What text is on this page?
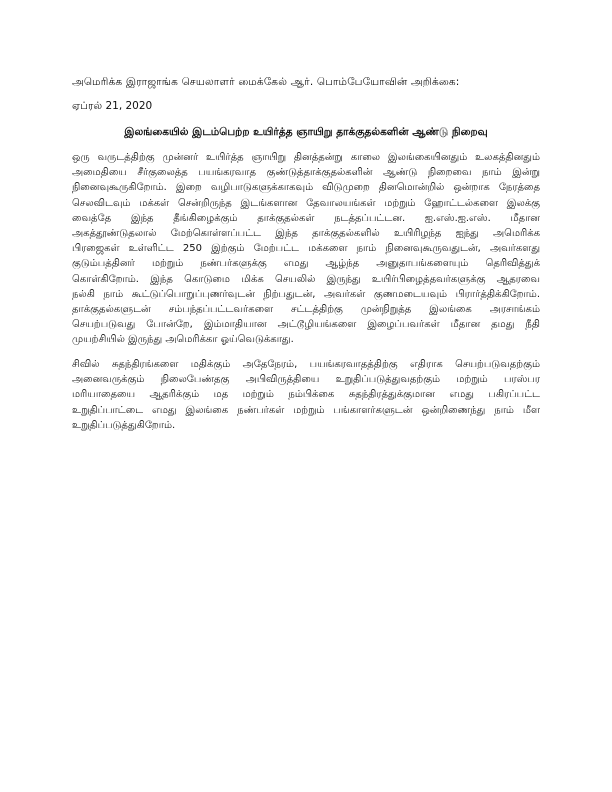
அமெரிக்க இராஜாங்க செயலாளர் மைக்கேல் ஆர். பொம்பேயோவின் அறிக்கை:
ஏப்ரல் 21, 2020
இலங்கையில் இடம்பெற்ற உயிர்த்த ஞாயிறு தாக்குதல்களின் ஆண்டு நிறைவு
ஒரு வருடத்திற்கு முன்னர் உயிர்த்த ஞாயிறு தினத்தன்று காலை இலங்கையினதும் உலகத்தினதும்
அமைதியை சீர்குலைத்த பயங்கரவாத குண்டுத்தாக்குதல்களின் ஆண்டு நிறைவை நாம் இன்று
நினைவுகூருகிறோம். இறை வழிபாடுகளுக்காகவும் விடுமுறை தினமொன்றில் ஒன்றாக நேரத்தை
செலவிடவும் மக்கள் சென்றிருந்த இடங்களான தேவாலயங்கள் மற்றும் ஹோட்டல்களை இலக்கு
வைத்தே இந்த தீங்கிழைக்கும் தாக்குதல்கள் நடத்தப்பட்டன. ஐ.எஸ்.ஐ.எஸ். மீதான
அகத்தூண்டுதலால் மேற்கொள்ளப்பட்ட இந்த தாக்குதல்களில் உயிரிழந்த ஐந்து அமெரிக்க
பிரஜைகள் உள்ளிட்ட 250 இற்கும் மேற்பட்ட மக்களை நாம் நினைவுகூருவதுடன், அவர்களது
குடும்பத்தினர் மற்றும் நண்பர்களுக்கு எமது ஆழ்ந்த அனுதாபங்களையும் தெரிவித்துக்
கொள்கிறோம். இந்த கொடுமை மிக்க செயலில் இருந்து உயிர்பிழைத்தவர்களுக்கு ஆதரவை
நல்கி நாம் கூட்டுப்பொறுப்புணர்வுடன் நிற்பதுடன், அவர்கள் குணமடையவும் பிரார்த்திக்கிறோம்.
தாக்குதல்களுடன் சம்பந்தப்பட்டவர்களை சட்டத்திற்கு முன்நிறுத்த இலங்கை அரசாங்கம்
செயற்படுவது போன்றே, இம்மாதியான அட்டூழியங்களை இழைப்பவர்கள் மீதான தமது நீதி
முயற்சியில் இருந்து அமெரிக்கா ஓய்வெடுக்காது.
சிவில் சுதந்திரங்களை மதிக்கும் அதேநேரம், பயங்கரவாதத்திற்கு எதிராக செயற்படுவதற்கும்
அனைவருக்கும் நிலைபேண்தகு அபிவிருத்தியை உறுதிப்படுத்துவதற்கும் மற்றும் பரஸ்பர
மரியாதையை ஆதரிக்கும் மத மற்றும் நம்பிக்கை சுதந்திரத்துக்குமான எமது பகிரப்பட்ட
உறுதிப்பாட்டை எமது இலங்கை நண்பர்கள் மற்றும் பங்காளர்களுடன் ஒன்றிணைந்து நாம் மீள
உறுதிப்படுத்துகிறோம்.
